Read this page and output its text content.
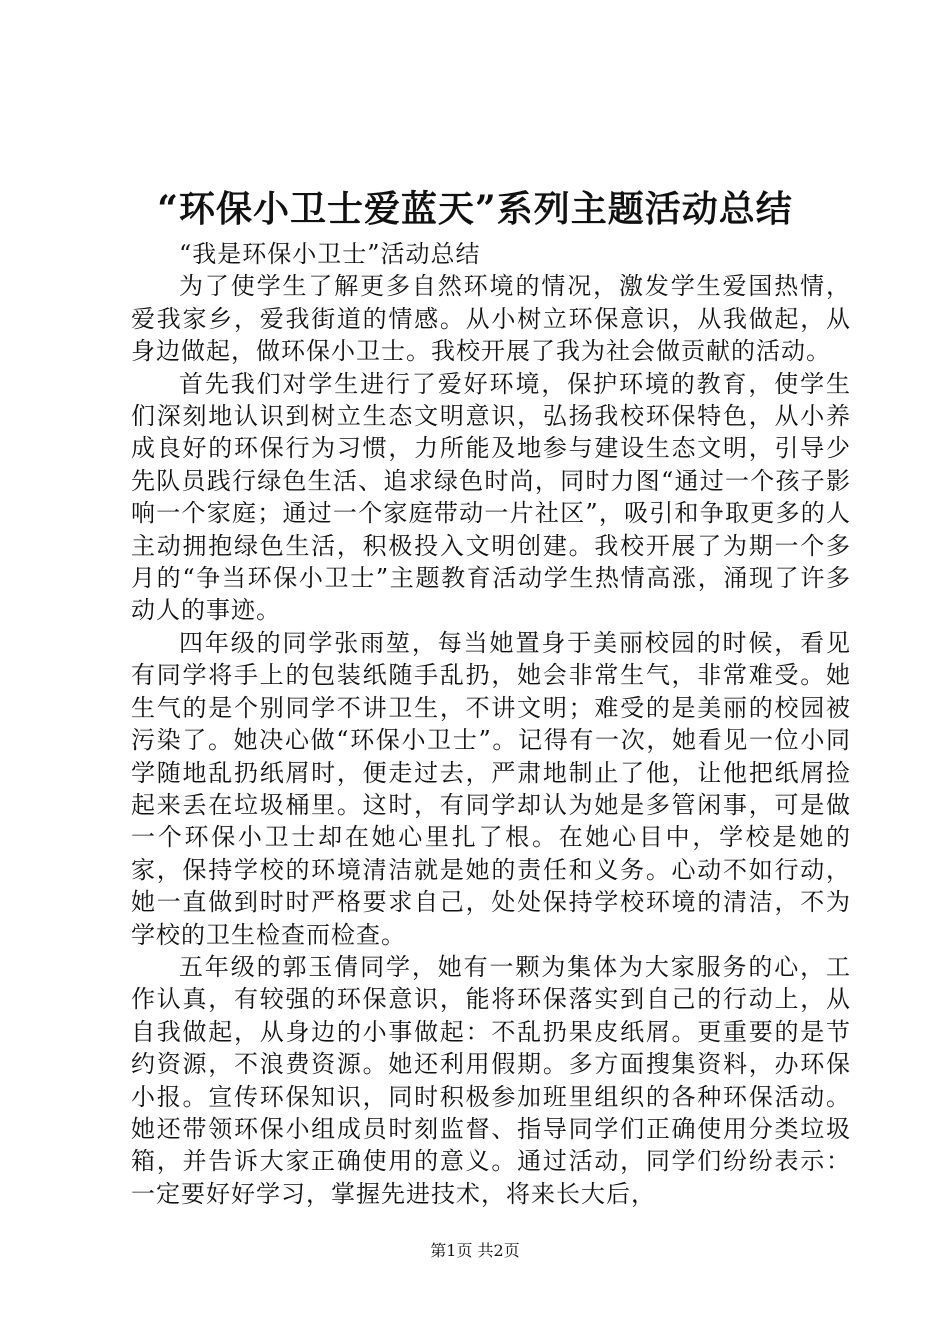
“环保小卫士爱蓝天”系列主题活动总结

“我是环保小卫士”活动总结

为了使学生了解更多自然环境的情况，激发学生爱国热情，爱我家乡，爱我街道的情感。从小树立环保意识，从我做起，从身边做起，做环保小卫士。我校开展了我为社会做贡献的活动。

首先我们对学生进行了爱好环境，保护环境的教育，使学生们深刻地认识到树立生态文明意识，弘扬我校环保特色，从小养成良好的环保行为习惯，力所能及地参与建设生态文明，引导少先队员践行绿色生活、追求绿色时尚，同时力图“通过一个孩子影响一个家庭；通过一个家庭带动一片社区”，吸引和争取更多的人主动拥抱绿色生活，积极投入文明创建。我校开展了为期一个多月的“争当环保小卫士”主题教育活动学生热情高涨，涌现了许多动人的事迹。

四年级的同学张雨堃，每当她置身于美丽校园的时候，看见有同学将手上的包装纸随手乱扔，她会非常生气，非常难受。她生气的是个别同学不讲卫生，不讲文明；难受的是美丽的校园被污染了。她决心做“环保小卫士”。记得有一次，她看见一位小同学随地乱扔纸屑时，便走过去，严肃地制止了他，让他把纸屑捡起来丢在垃圾桶里。这时，有同学却认为她是多管闲事，可是做一个环保小卫士却在她心里扎了根。在她心目中，学校是她的家，保持学校的环境清洁就是她的责任和义务。心动不如行动，她一直做到时时严格要求自己，处处保持学校环境的清洁，不为学校的卫生检查而检查。

五年级的郭玉倩同学，她有一颗为集体为大家服务的心，工作认真，有较强的环保意识，能将环保落实到自己的行动上，从自我做起，从身边的小事做起：不乱扔果皮纸屑。更重要的是节约资源，不浪费资源。她还利用假期。多方面搜集资料，办环保小报。宣传环保知识，同时积极参加班里组织的各种环保活动。她还带领环保小组成员时刻监督、指导同学们正确使用分类垃圾箱，并告诉大家正确使用的意义。通过活动，同学们纷纷表示：一定要好好学习，掌握先进技术，将来长大后，

第1页 共2页
